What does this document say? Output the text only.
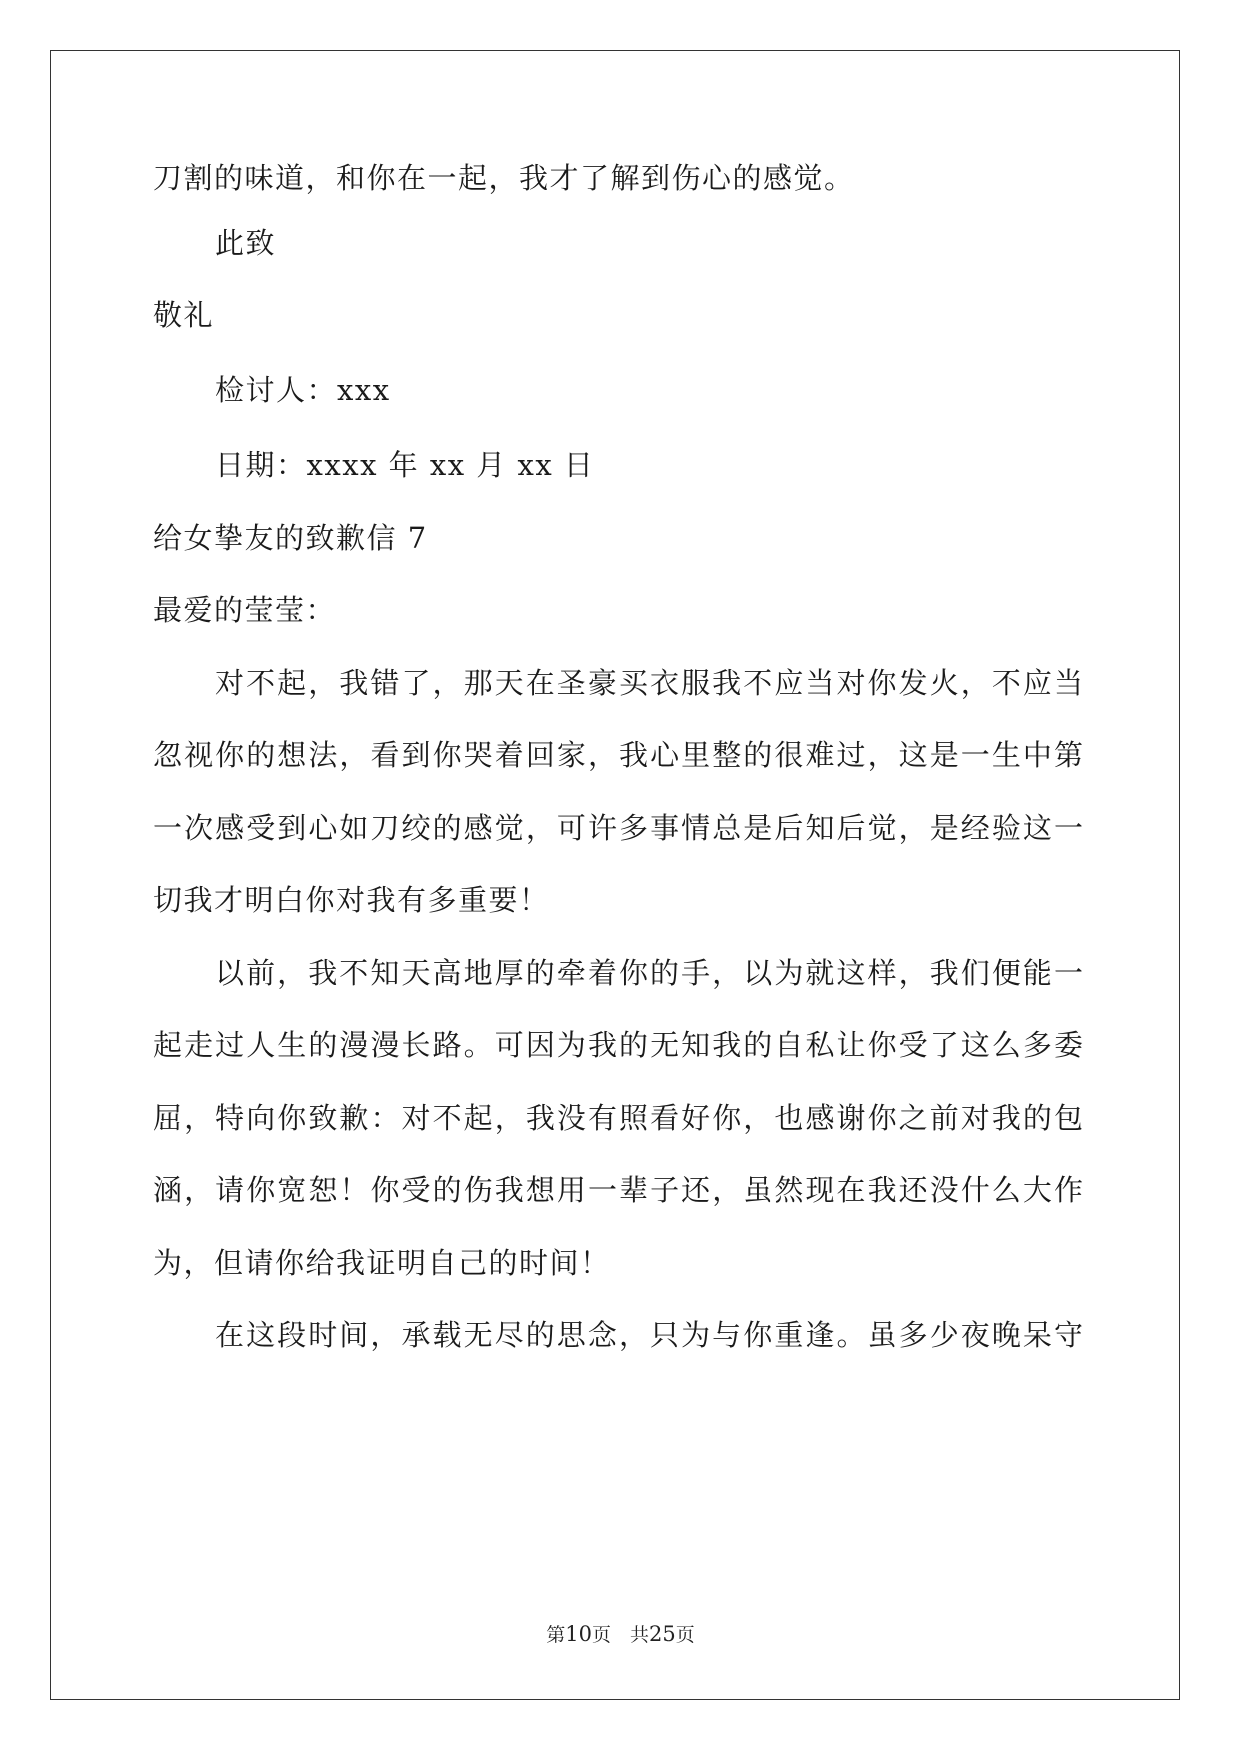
刀割的味道，和你在一起，我才了解到伤心的感觉。
此致
敬礼
检讨人：xxx
日期：xxxx 年 xx 月 xx 日
给女挚友的致歉信 7
最爱的莹莹：
对不起，我错了，那天在圣豪买衣服我不应当对你发火，不应当
忽视你的想法，看到你哭着回家，我心里整的很难过，这是一生中第
一次感受到心如刀绞的感觉，可许多事情总是后知后觉，是经验这一
切我才明白你对我有多重要！
以前，我不知天高地厚的牵着你的手，以为就这样，我们便能一
起走过人生的漫漫长路。可因为我的无知我的自私让你受了这么多委
屈，特向你致歉：对不起，我没有照看好你，也感谢你之前对我的包
涵，请你宽恕！你受的伤我想用一辈子还，虽然现在我还没什么大作
为，但请你给我证明自己的时间！
在这段时间，承载无尽的思念，只为与你重逢。虽多少夜晚呆守
第10页　共25页
